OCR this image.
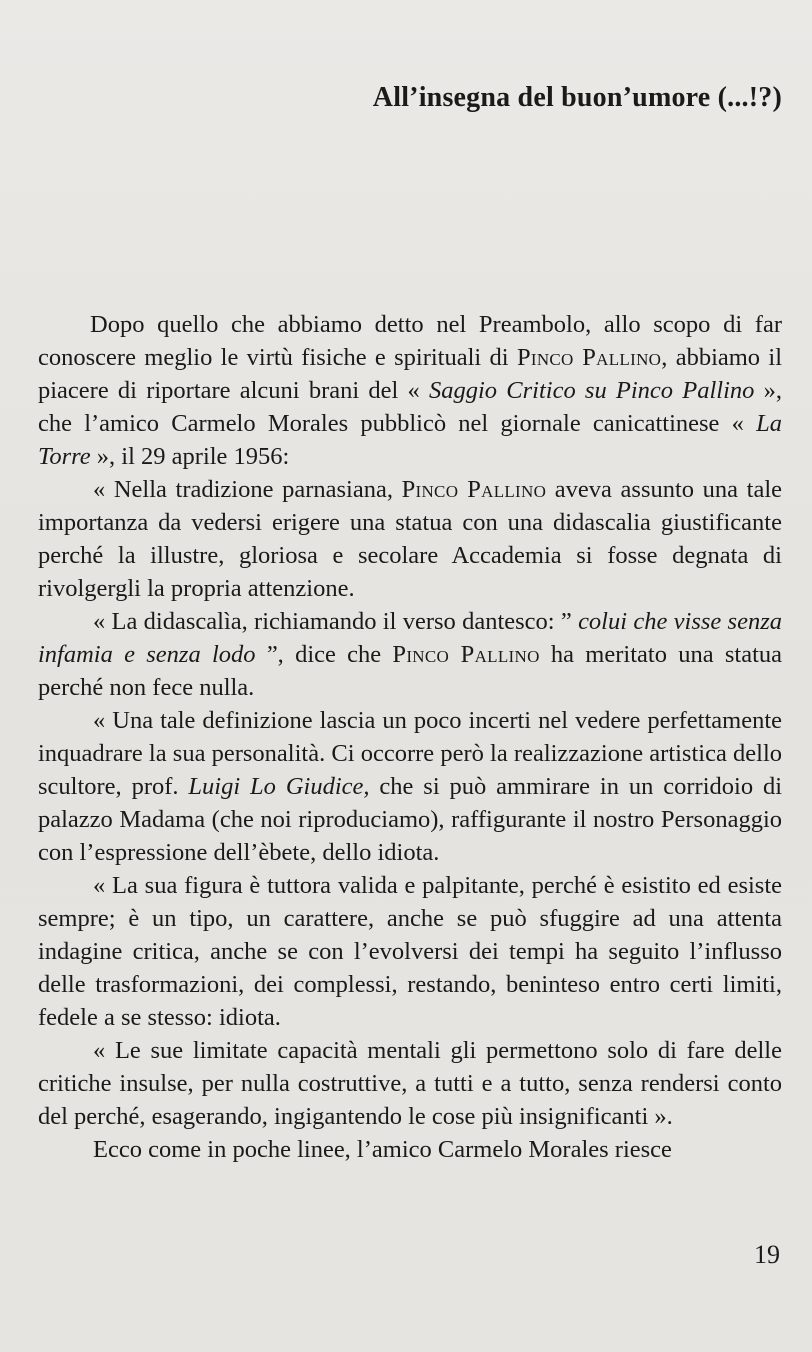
All’insegna del buon’umore (...!?)

Dopo quello che abbiamo detto nel Preambolo, allo scopo di far conoscere meglio le virtù fisiche e spirituali di Pinco Pallino, abbiamo il piacere di riportare alcuni brani del « Saggio Critico su Pinco Pallino », che l’amico Carmelo Morales pubblicò nel giornale canicattinese « La Torre », il 29 aprile 1956:

« Nella tradizione parnasiana, Pinco Pallino aveva assunto una tale importanza da vedersi erigere una statua con una didascalia giustificante perché la illustre, gloriosa e secolare Accademia si fosse degnata di rivolgergli la propria attenzione.

« La didascalìa, richiamando il verso dantesco: ” colui che visse senza infamia e senza lodo ”, dice che Pinco Pallino ha meritato una statua perché non fece nulla.

« Una tale definizione lascia un poco incerti nel vedere perfettamente inquadrare la sua personalità. Ci occorre però la realizzazione artistica dello scultore, prof. Luigi Lo Giudice, che si può ammirare in un corridoio di palazzo Madama (che noi riproduciamo), raffigurante il nostro Personaggio con l’espressione dell’èbete, dello idiota.

« La sua figura è tuttora valida e palpitante, perché è esistito ed esiste sempre; è un tipo, un carattere, anche se può sfuggire ad una attenta indagine critica, anche se con l’evolversi dei tempi ha seguito l’influsso delle trasformazioni, dei complessi, restando, beninteso entro certi limiti, fedele a se stesso: idiota.

« Le sue limitate capacità mentali gli permettono solo di fare delle critiche insulse, per nulla costruttive, a tutti e a tutto, senza rendersi conto del perché, esagerando, ingigantendo le cose più insignificanti ».

Ecco come in poche linee, l’amico Carmelo Morales riesce

19
